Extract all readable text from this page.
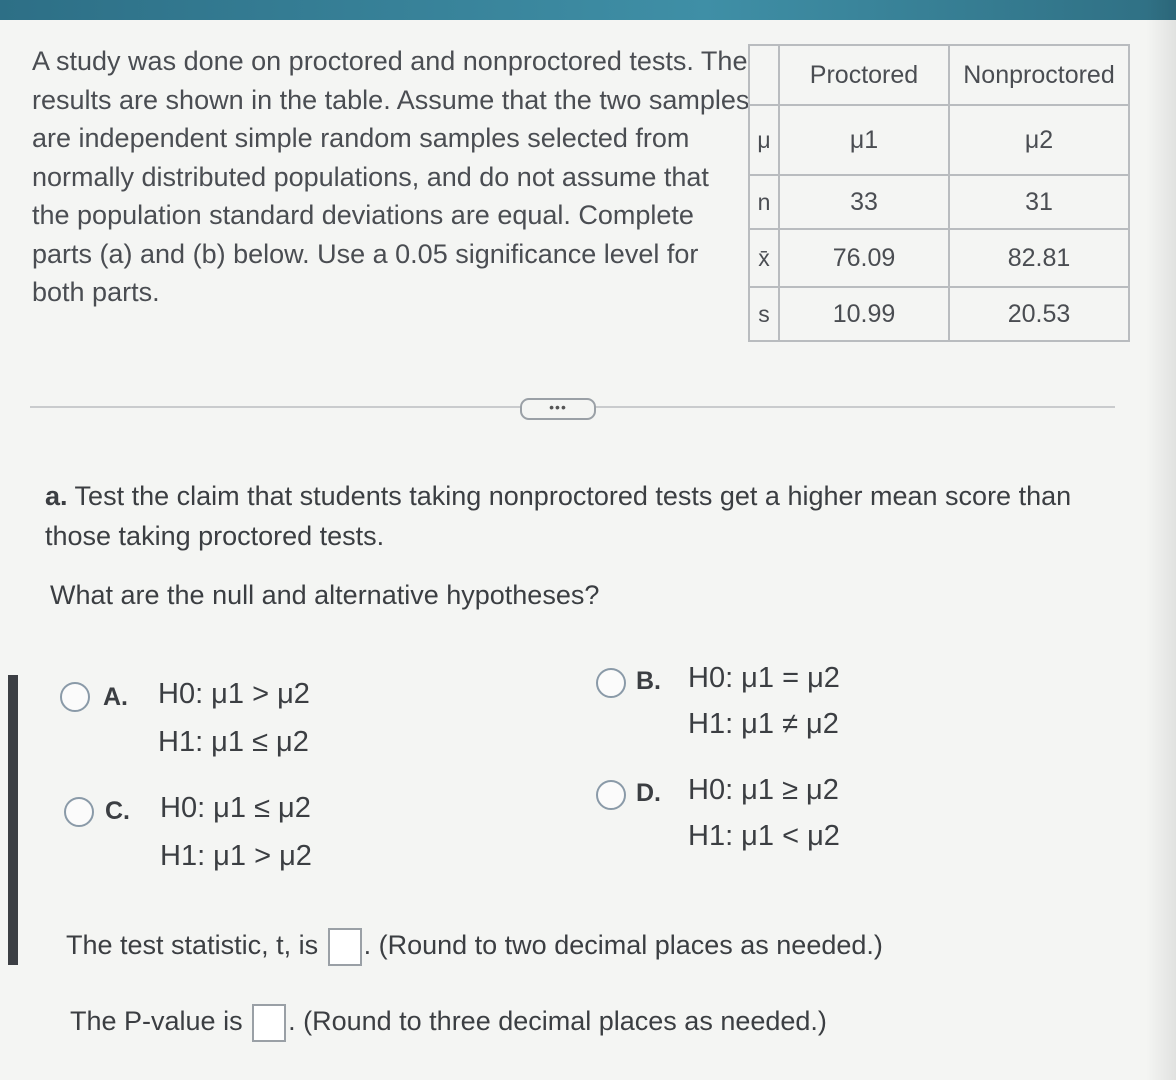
A study was done on proctored and nonproctored tests. The results are shown in the table. Assume that the two samples are independent simple random samples selected from normally distributed populations, and do not assume that the population standard deviations are equal. Complete parts (a) and (b) below. Use a 0.05 significance level for both parts.

	Proctored	Nonproctored
μ	μ1	μ2
n	33	31
x̄	76.09	82.81
s	10.99	20.53
•••

a. Test the claim that students taking nonproctored tests get a higher mean score than those taking proctored tests.

What are the null and alternative hypotheses?

A. H0: μ1 > μ2
H1: μ1 ≤ μ2
B. H0: μ1 = μ2
H1: μ1 ≠ μ2
C. H0: μ1 ≤ μ2
H1: μ1 > μ2
D. H0: μ1 ≥ μ2
H1: μ1 < μ2
The test statistic, t, is . (Round to two decimal places as needed.)
The P-value is . (Round to three decimal places as needed.)
